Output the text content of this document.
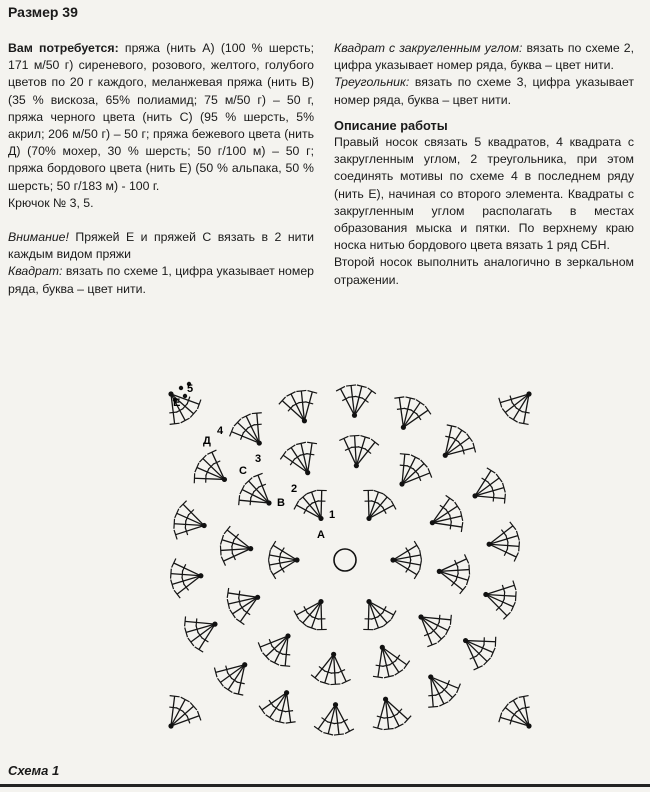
Размер 39

Вам потребуется: пряжа (нить А) (100 % шерсть; 171 м/50 г) сиреневого, розового, желтого, голубого цветов по 20 г каждого, меланжевая пряжа (нить В) (35 % вискоза, 65% полиамид; 75 м/50 г) – 50 г, пряжа черного цвета (нить С) (95 % шерсть, 5% акрил; 206 м/50 г) – 50 г; пряжа бежевого цвета (нить Д) (70% мохер, 30 % шерсть; 50 г/100 м) – 50 г; пряжа бордового цвета (нить Е) (50 % альпака, 50 % шерсть; 50 г/183 м) - 100 г.

Крючок № 3, 5.

Внимание! Пряжей Е и пряжей С вязать в 2 нити каждым видом пряжи

Квадрат: вязать по схеме 1, цифра указывает номер ряда, буква – цвет нити.

Квадрат с закругленным углом: вязать по схеме 2, цифра указывает номер ряда, буква – цвет нити.

Треугольник: вязать по схеме 3, цифра указывает номер ряда, буква – цвет нити.

Описание работы

Правый носок связать 5 квадратов, 4 квадрата с закругленным углом, 2 треугольника, при этом соединять мотивы по схеме 4 в последнем ряду (нить Е), начиная со второго элемента. Квадраты с закругленным углом располагать в местах образования мыска и пятки. По верхнему краю носка нитью бордового цвета вязать 1 ряд СБН.

Второй носок выполнить аналогично в зеркальном отражении.

5
Е
4
Д
3
С
2
В
1
А
Схема 1
